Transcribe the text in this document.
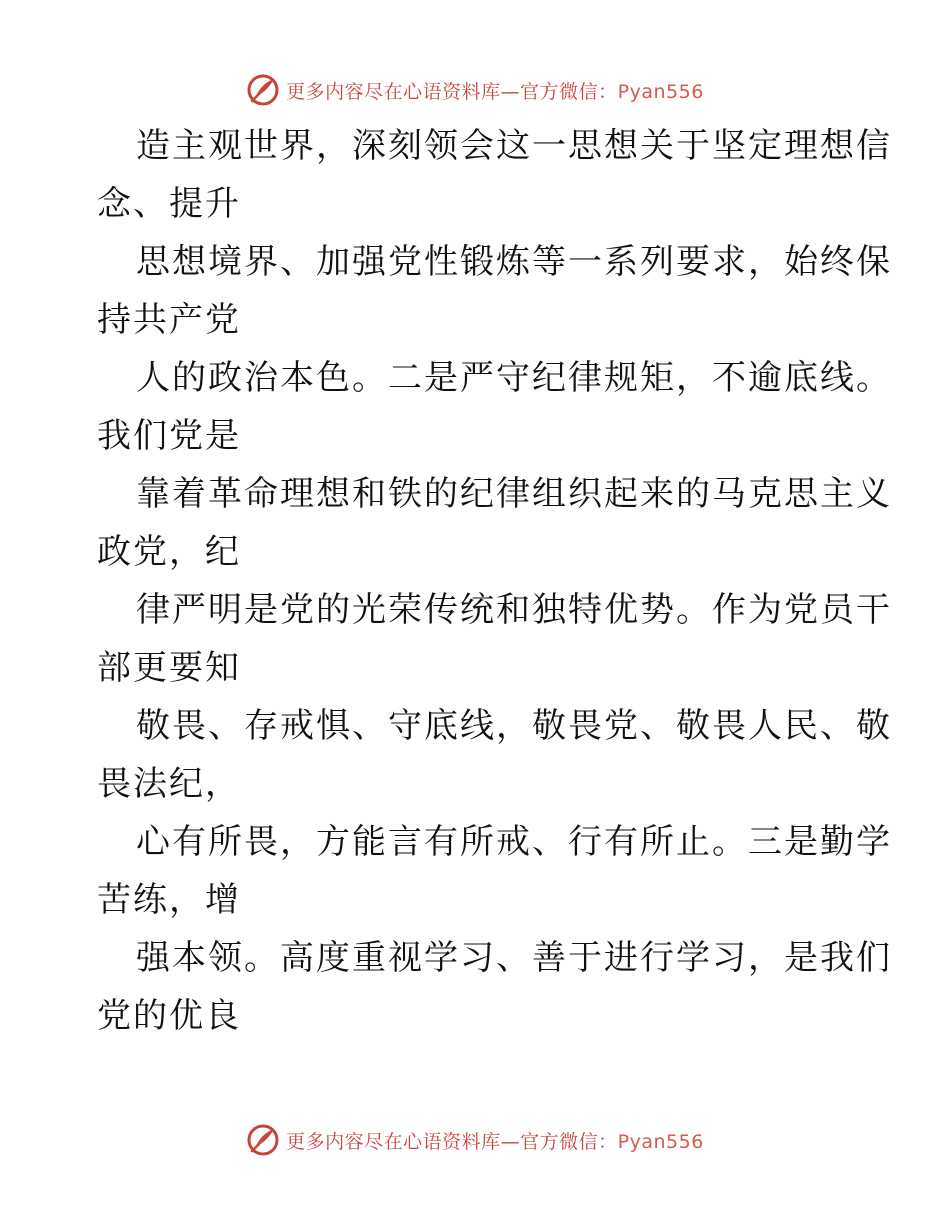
更多内容尽在心语资料库—官方微信：Pyan556
造主观世界，深刻领会这一思想关于坚定理想信
念、提升
思想境界、加强党性锻炼等一系列要求，始终保
持共产党
人的政治本色。二是严守纪律规矩，不逾底线。
我们党是
靠着革命理想和铁的纪律组织起来的马克思主义
政党，纪
律严明是党的光荣传统和独特优势。作为党员干
部更要知
敬畏、存戒惧、守底线，敬畏党、敬畏人民、敬
畏法纪，
心有所畏，方能言有所戒、行有所止。三是勤学
苦练，增
强本领。高度重视学习、善于进行学习，是我们
党的优良
更多内容尽在心语资料库—官方微信：Pyan556
